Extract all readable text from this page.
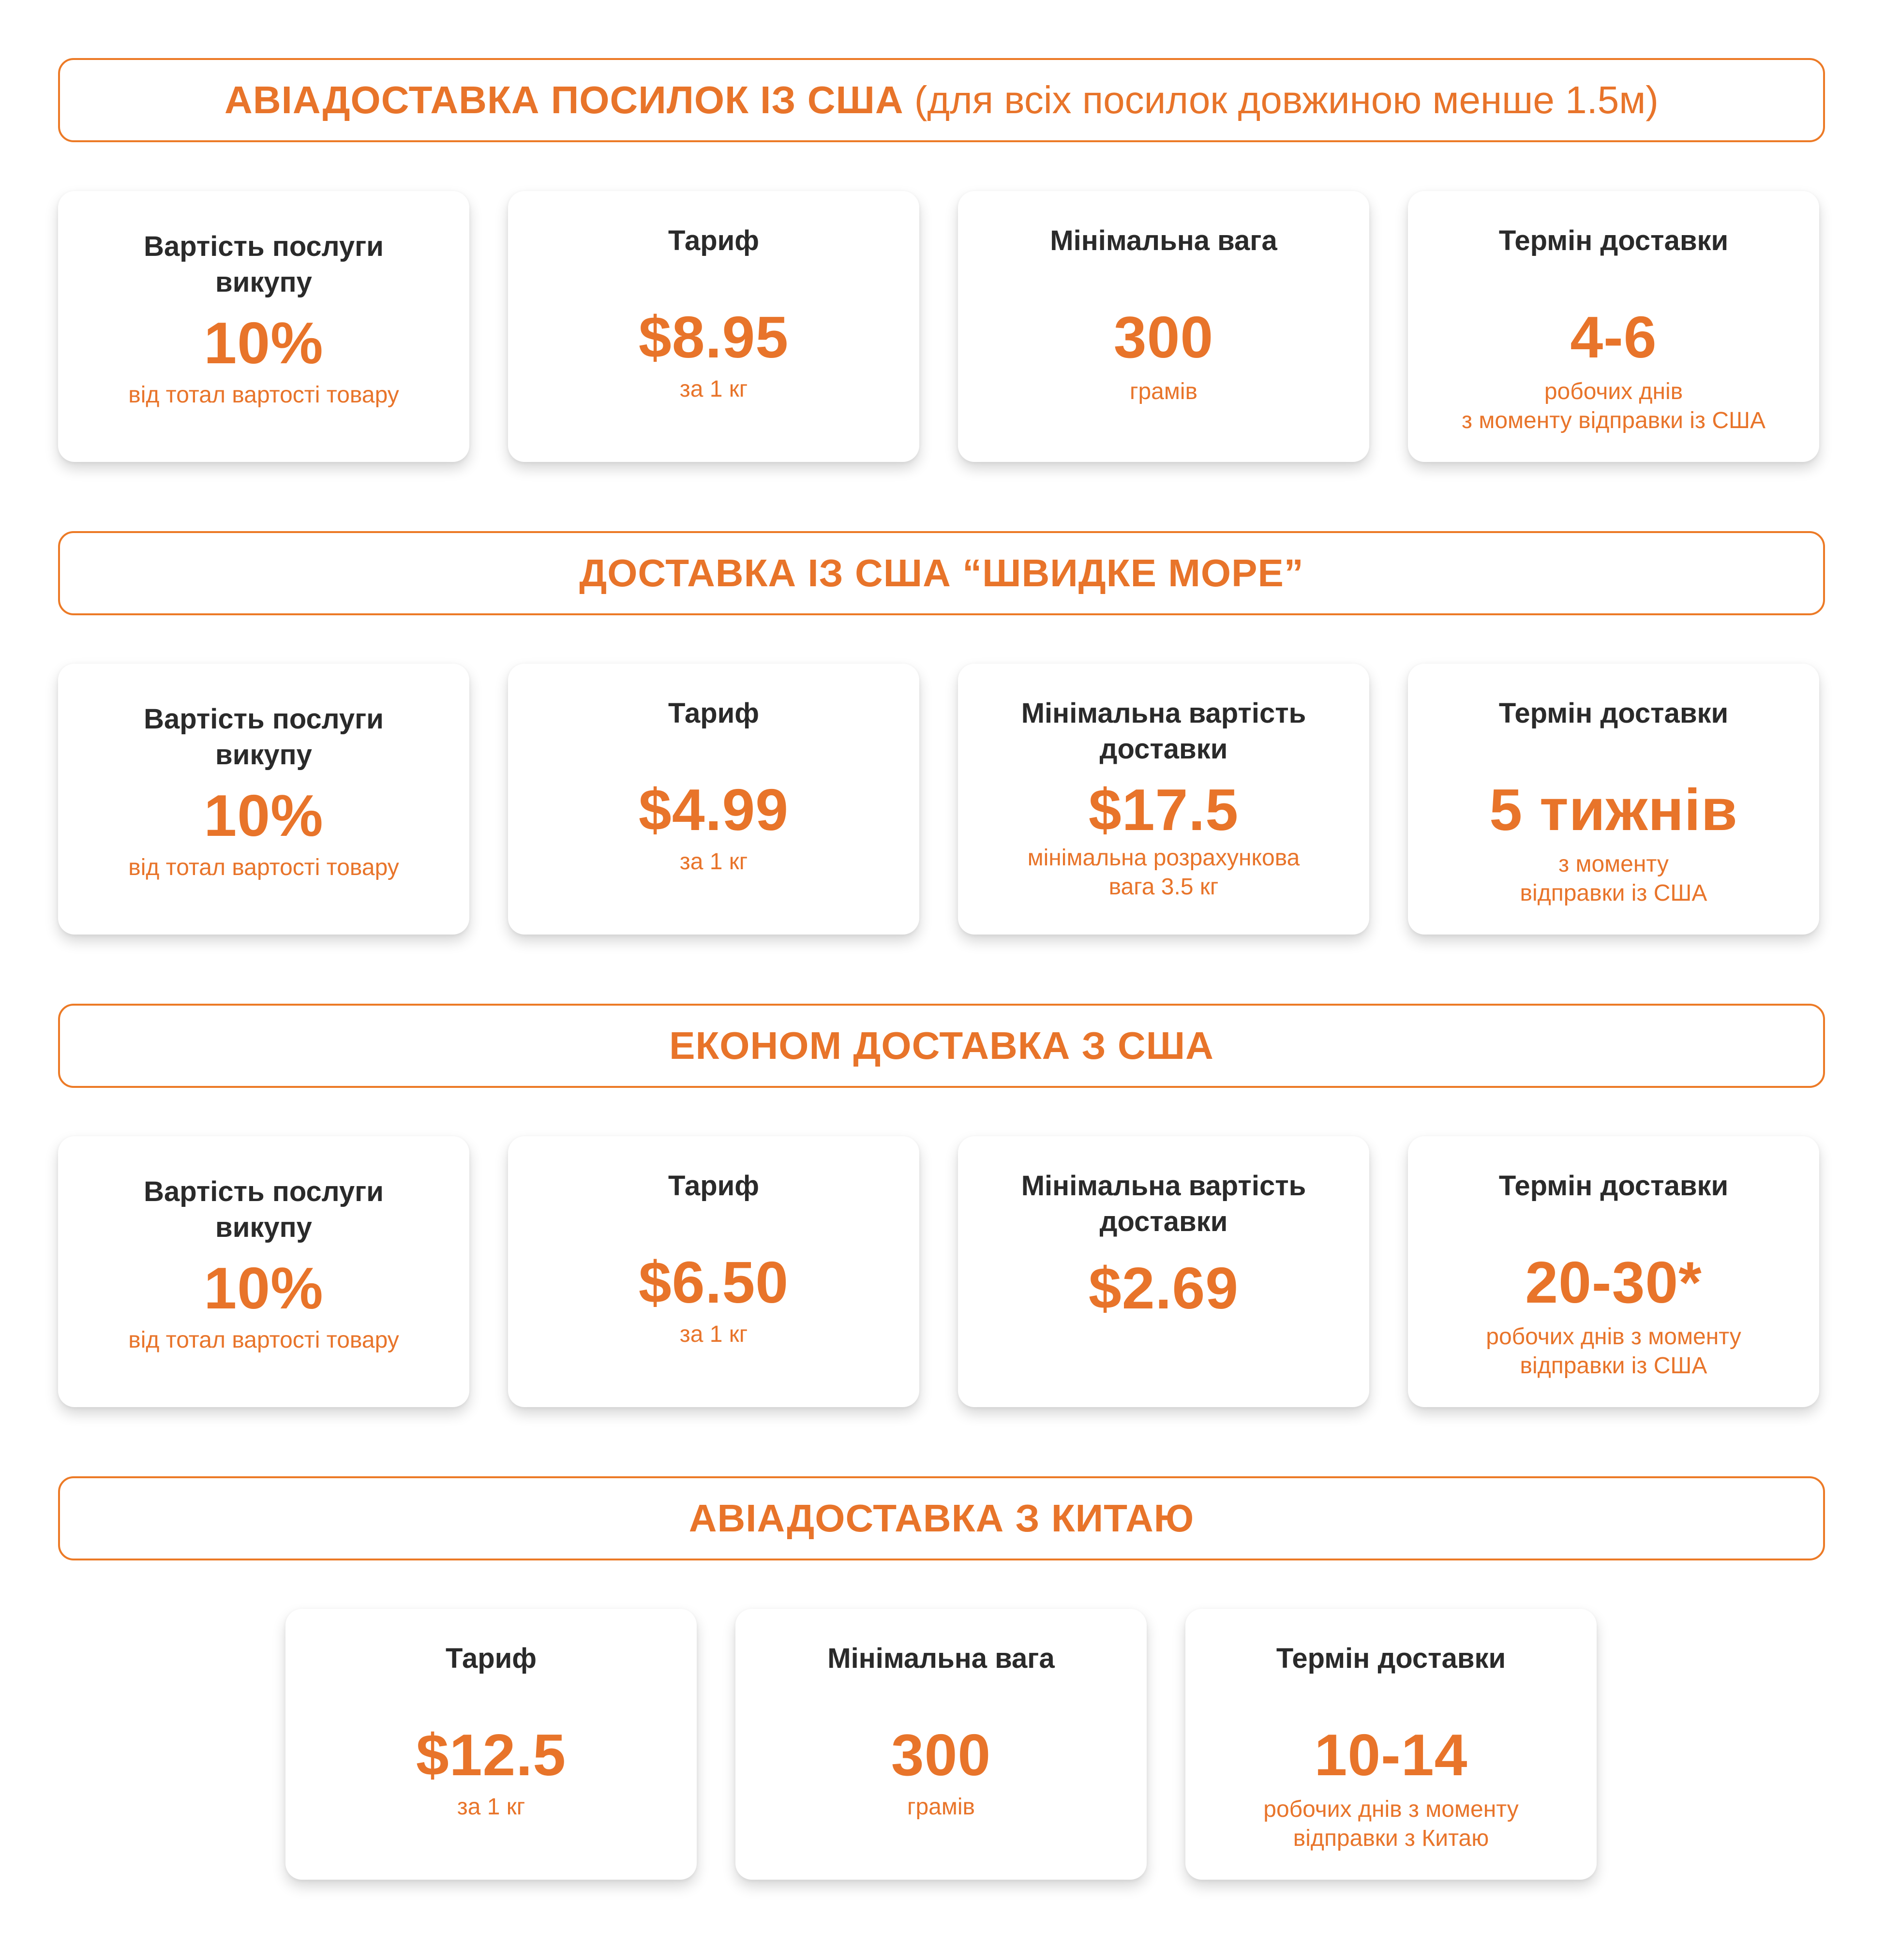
АВІАДОСТАВКА ПОСИЛОК ІЗ США (для всіх посилок довжиною менше 1.5м)
Вартість послуги
викупу
10%
від тотал вартості товару
Тариф
$8.95
за 1 кг
Мінімальна вага
300
грамів
Термін доставки
4-6
робочих днів
з моменту відправки із США
ДОСТАВКА ІЗ США “ШВИДКЕ МОРЕ”
Вартість послуги
викупу
10%
від тотал вартості товару
Тариф
$4.99
за 1 кг
Мінімальна вартість
доставки
$17.5
мінімальна розрахункова
вага 3.5 кг
Термін доставки
5 тижнів
з моменту
відправки із США
ЕКОНОМ ДОСТАВКА З США
Вартість послуги
викупу
10%
від тотал вартості товару
Тариф
$6.50
за 1 кг
Мінімальна вартість
доставки
$2.69
Термін доставки
20-30*
робочих днів з моменту
відправки із США
АВІАДОСТАВКА З КИТАЮ
Тариф
$12.5
за 1 кг
Мінімальна вага
300
грамів
Термін доставки
10-14
робочих днів з моменту
відправки з Китаю
